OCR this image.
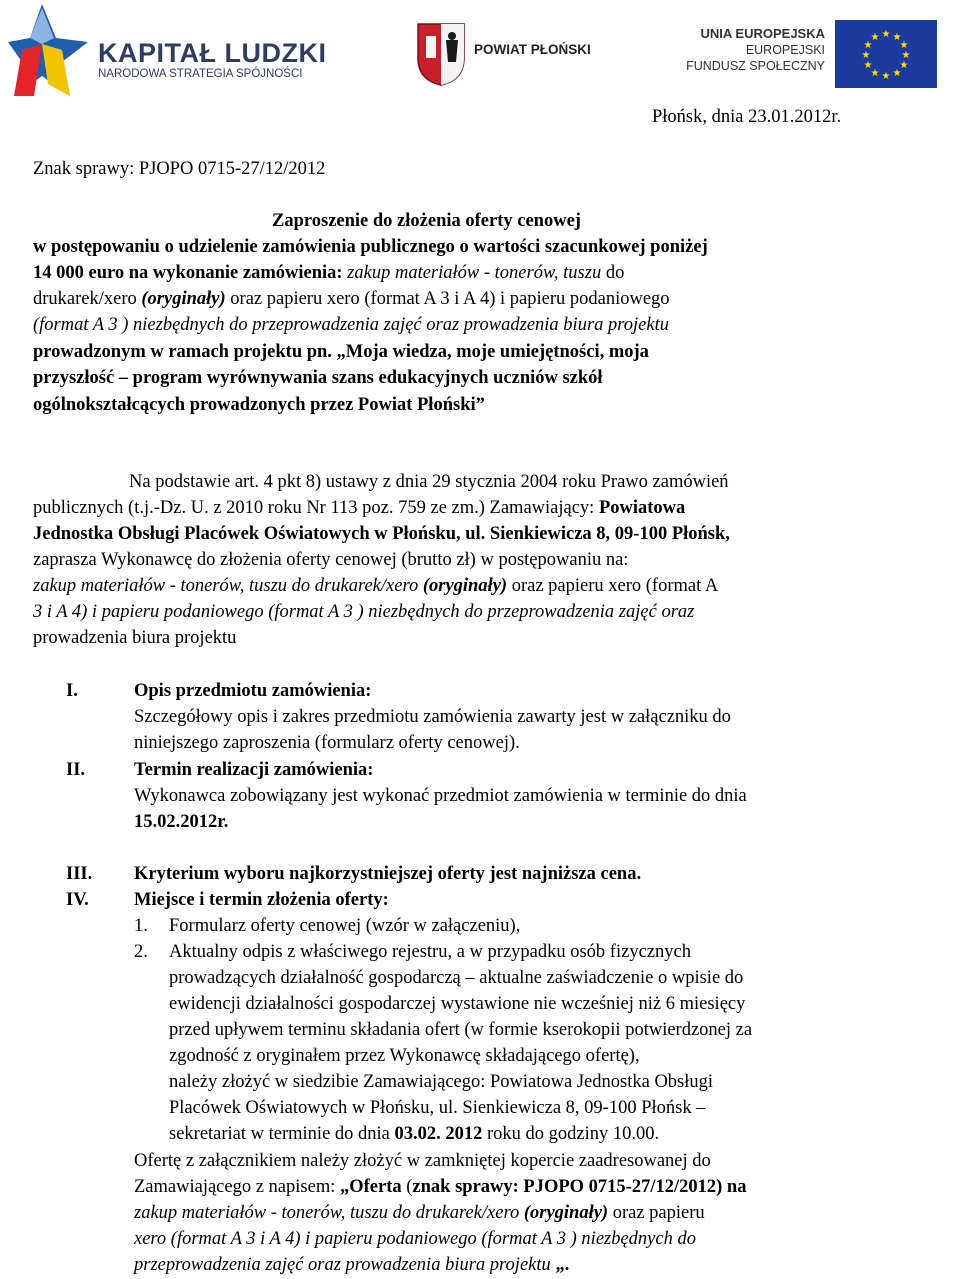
KAPITAŁ LUDZKI
NARODOWA STRATEGIA SPÓJNOŚCI
POWIAT PŁOŃSKI
UNIA EUROPEJSKA
EUROPEJSKI
FUNDUSZ SPOŁECZNY
★ ★
★
★
★
★
★
★
★
★
★
★
Płońsk, dnia 23.01.2012r.
Znak sprawy: PJOPO 0715-27/12/2012
Zaproszenie do złożenia oferty cenowej
w postępowaniu o udzielenie zamówienia publicznego o wartości szacunkowej poniżej
14 000 euro na wykonanie zamówienia: zakup materiałów - tonerów, tuszu do
drukarek/xero (oryginały) oraz papieru xero (format A 3 i A 4) i papieru podaniowego
(format A 3 ) niezbędnych do przeprowadzenia zajęć oraz prowadzenia biura projektu
prowadzonym w ramach projektu pn. „Moja wiedza, moje umiejętności, moja
przyszłość – program wyrównywania szans edukacyjnych uczniów szkół
ogólnokształcących prowadzonych przez Powiat Płoński”
Na podstawie art. 4 pkt 8) ustawy z dnia 29 stycznia 2004 roku Prawo zamówień
publicznych (t.j.-Dz. U. z 2010 roku Nr 113 poz. 759 ze zm.) Zamawiający: Powiatowa
Jednostka Obsługi Placówek Oświatowych w Płońsku, ul. Sienkiewicza 8, 09-100 Płońsk,
zaprasza Wykonawcę do złożenia oferty cenowej (brutto zł) w postępowaniu na:
zakup materiałów - tonerów, tuszu do drukarek/xero (oryginały) oraz papieru xero (format A
3 i A 4) i papieru podaniowego (format A 3 ) niezbędnych do przeprowadzenia zajęć oraz
prowadzenia biura projektu
I.	Opis przedmiotu zamówienia:
Szczegółowy opis i zakres przedmiotu zamówienia zawarty jest w załączniku do
niniejszego zaproszenia (formularz oferty cenowej).
II.	Termin realizacji zamówienia:
Wykonawca zobowiązany jest wykonać przedmiot zamówienia w terminie do dnia
15.02.2012r.
III. Kryterium wyboru najkorzystniejszej oferty jest najniższa cena.
IV. Miejsce i termin złożenia oferty:
1. Formularz oferty cenowej (wzór w załączeniu),
2. Aktualny odpis z właściwego rejestru, a w przypadku osób fizycznych
prowadzących działalność gospodarczą – aktualne zaświadczenie o wpisie do
ewidencji działalności gospodarczej wystawione nie wcześniej niż 6 miesięcy
przed upływem terminu składania ofert (w formie kserokopii potwierdzonej za
zgodność z oryginałem przez Wykonawcę składającego ofertę),
należy złożyć w siedzibie Zamawiającego: Powiatowa Jednostka Obsługi
Placówek Oświatowych w Płońsku, ul. Sienkiewicza 8, 09-100 Płońsk –
sekretariat w terminie do dnia 03.02. 2012 roku do godziny 10.00.
Ofertę z załącznikiem należy złożyć w zamkniętej kopercie zaadresowanej do
Zamawiającego z napisem: „Oferta (znak sprawy: PJOPO 0715-27/12/2012) na
zakup materiałów - tonerów, tuszu do drukarek/xero (oryginały) oraz papieru
xero (format A 3 i A 4) i papieru podaniowego (format A 3 ) niezbędnych do
przeprowadzenia zajęć oraz prowadzenia biura projektu „.
